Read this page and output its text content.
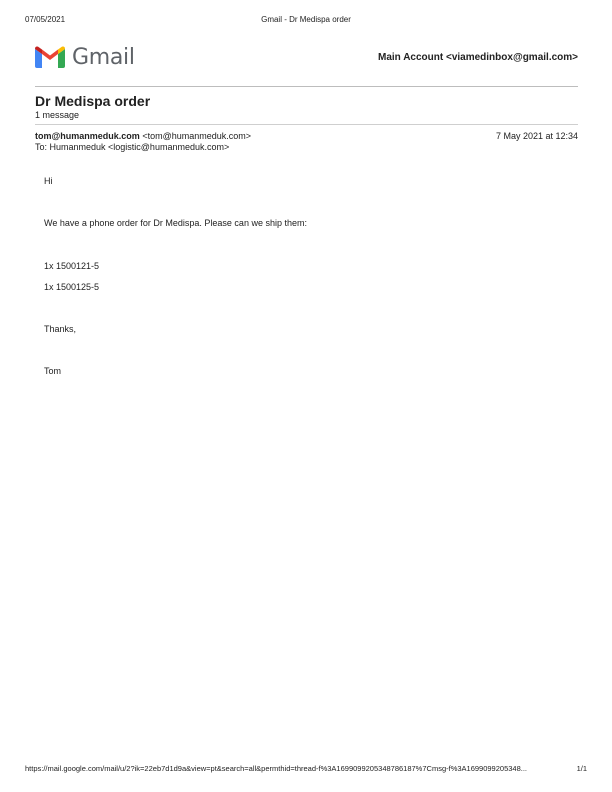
07/05/2021	Gmail - Dr Medispa order
Gmail	Main Account <viamedinbox@gmail.com>
Dr Medispa order
1 message
tom@humanmeduk.com <tom@humanmeduk.com>	7 May 2021 at 12:34
To: Humanmeduk <logistic@humanmeduk.com>
Hi
We have a phone order for Dr Medispa. Please can we ship them:
1x 1500121-5
1x 1500125-5
Thanks,
Tom
https://mail.google.com/mail/u/2?ik=22eb7d1d9a&view=pt&search=all&permthid=thread-f%3A1699099205348786187%7Cmsg-f%3A1699099205348...	1/1
